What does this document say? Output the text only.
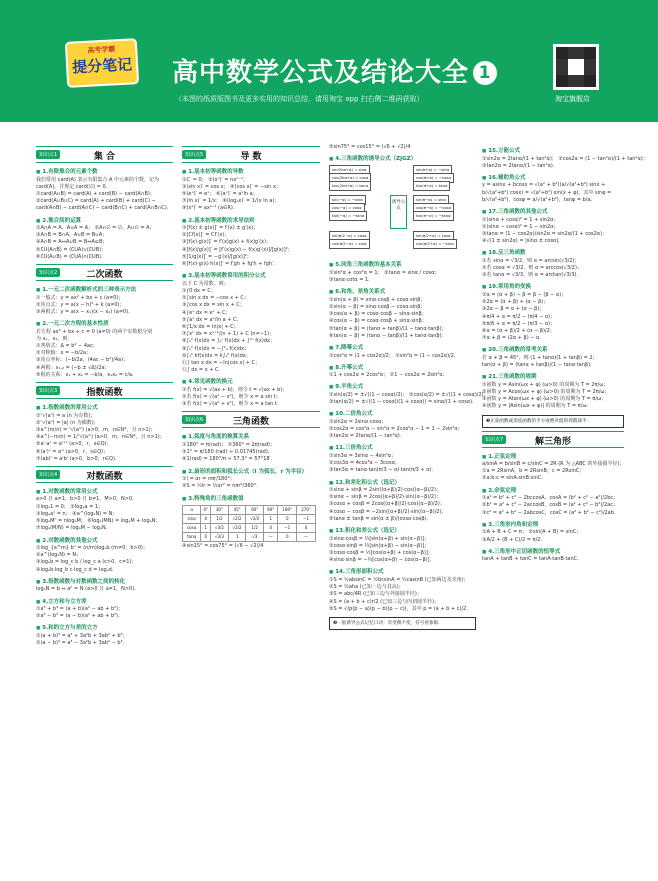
高考学霸
提分笔记 高中数学公式及结论大全 1
（本图的纸质版图书及更多实用的知识总结，请用淘宝 app 扫右侧二维码获取）	淘宝旗舰店
知识点1	集 合
■ 1.有限集合的元素个数
我们常用 card(A) 表示有限集合 A 中元素的个数，记为
card(A)，并规定 card(∅) = 0.
①card(A∪B) = card(A) + card(B) − card(A∩B)；
②card(A∪B∪C) = card(A) + card(B) + card(C) −
card(A∩B) − card(A∩C) − card(B∩C) + card(A∩B∩C).
■ 2.集合间的运算
①A∩A = A，A∪A = A； ②A∩∅ = ∅，A∪∅ = A；
③A∩B = B∩A，A∪B = B∪A；
④A∩B = A⇔A∪B = B⇔A⊆B；
⑤∁U(A∩B) = (∁UA)∪(∁UB)；
⑥∁U(A∪B) = (∁UA)∩(∁UB).
知识点2	二次函数
■ 1.一元二次函数解析式的三种表示方法
①一般式：y = ax² + bx + c (a≠0)；
②顶点式：y = a(x − h)² + k (a≠0)；
③两根式：y = a(x − x₁)(x − x₂) (a≠0).
■ 2.一元二次方程的基本性质
若方程 ax² + bx + c = 0 (a≠0) 的两个实数根分别
为 x₁，x₂，则：
①判别式：Δ = b² − 4ac；
②对称轴：x = −b/2a；
③顶点坐标：(−b/2a，(4ac − b²)/4a)；
④两根：x₁,₂ = (−b ± √Δ)/2a；
⑤根的关系：x₁ + x₂ = −b/a，x₁x₂ = c/a.
知识点3	指数函数
■ 1.指数函数的常用公式
①ⁿ√(aⁿ) = a (n 为奇数)；
②ⁿ√(aⁿ) = |a| (n 为偶数)；
③a^(m/n) = ⁿ√(aᵐ) (a>0，m，n∈N*，且 n>1)；
④a^(−m/n) = 1/ⁿ√(aᵐ) (a>0，m，n∈N*，且 n>1)；
⑤aʳ·aˢ = aʳ⁺ˢ (a>0，r，s∈Q)；
⑥(aʳ)ˢ = aʳˢ (a>0，r，s∈Q)；
⑦(ab)ʳ = aʳbʳ (a>0，b>0，r∈Q).
知识点4	对数函数
■ 1.对数函数的常用公式
a>0 且 a≠1，b>0 且 b≠1，M>0，N>0.
①logₐ1 = 0； ②logₐa = 1；
③logₐaⁿ = n； ④a^(logₐN) = N；
⑤logₐMⁿ = nlogₐM； ⑥logₐ(MN) = logₐM + logₐN；
⑦logₐ(M/N) = logₐM − logₐN.
■ 2.对数函数的其他公式
①log_{a^m} bⁿ = (n/m)logₐb (m≠0，b>0)；
②a^(logₐN) = N；
③logₐb = log_c b / log_c a (c>0，c≠1)；
④logₐb·log_b c·log_c d = logₐd.
■ 3.指数函数与对数函数之间的转化
logₐN = b ⇔ aᵇ = N (a>0 且 a≠1，N>0).
■ 4.立方和与立方差
①a³ + b³ = (a + b)(a² − ab + b²)；
②a³ − b³ = (a − b)(a² + ab + b²).
■ 5.和的立方与差的立方
①(a + b)³ = a³ + 3a²b + 3ab² + b³；
②(a − b)³ = a³ − 3a²b + 3ab² − b³.
知识点5	导 数
■ 1.基本初等函数的导数
①C′ = 0； ②(xⁿ)′ = nxⁿ⁻¹；
③(sin x)′ = cos x； ④(cos x)′ = −sin x；
⑤(eˣ)′ = eˣ； ⑥(aˣ)′ = aˣln a；
⑦(ln x)′ = 1/x； ⑧(logₐx)′ = 1/(x ln a)；
⑨(xᵃ)′ = axᵃ⁻¹ (a∈R).
■ 2.基本初等函数的求导法则
①[f(x) ± g(x)]′ = f′(x) ± g′(x)；
②[Cf(x)]′ = Cf′(x)；
③[f(x)·g(x)]′ = f′(x)g(x) + f(x)g′(x)；
④[f(x)/g(x)]′ = [f′(x)g(x) − f(x)g′(x)]/[g(x)]²；
⑤[1/g(x)]′ = −g′(x)/[g(x)]²；
⑥[f(x)·g(x)·h(x)]′ = f′gh + fg′h + fgh′.
■ 3.基本初等函数常用的积分公式
以下 C 为常数，则：
①∫0 dx = C；
②∫sin x dx = −cos x + C；
③∫cos x dx = sin x + C；
④∫eˣ dx = eˣ + C；
⑤∫aˣ dx = aˣ/ln a + C；
⑥∫1/x dx = ln|x| + C；
⑦∫xⁿ dx = xⁿ⁺¹/(n + 1) + C (n≠−1)；
⑧∫ₐᵇ f(x)dx = ∫ₐᶜ f(x)dx + ∫ᶜᵇ f(x)dx；
⑨∫ₐᵇ f(x)dx = −∫ᵇₐ f(x)dx；
⑩∫ₐᵇ kf(x)dx = k∫ₐᵇ f(x)dx；
⑪∫ tan x dx = −ln|cos x| + C；
⑫∫ dx = x + C.
■ 4.常见函数的换元
①若 f(x) = √(ax + b)，则令 t = √(ax + b)；
②若 f(x) = √(a² − x²)，则令 x = a sin t；
③若 f(x) = √(a² + x²)，则令 x = a tan t.
知识点6	三角函数
■ 1.弧度与角度的换算关系
①180° = π(rad)； ②360° = 2π(rad)；
③1° = π/180 (rad) ≈ 0.01745(rad)；
④1(rad) = 180°/π ≈ 57.3° = 57°18′.
■ 2.扇形的面积和弧长公式（l 为弧长，r 为半径）
①l = αr = nπr/180°；
②S = ½lr = ½αr² = nπr²/360°.
■ 3.特殊角的三角函数值
α	0°	30°	45°	60°	90°	180°	270°
sinα	0	1/2	√2/2	√3/2	1	0	−1
cosα	1	√3/2	√2/2	1/2	0	−1	0
tanα	0	√3/3	1	√3	—	0	—
④sin15° = cos75° = (√6 − √2)/4
⑤sin75° = cos15° = (√6 + √2)/4
■ 4.三角函数的诱导公式（ZJGZ）
sin(2kπ+α) = sinα
cos(2kπ+α) = cosα
tan(2kπ+α) = tanα
sin(−α) = −sinα
cos(−α) = cosα
tan(−α) = −tanα
sin(π/2−α) = cosα
cos(π/2−α) = sinα
sin(π+α) = −sinα
cos(π+α) = −cosα
tan(π+α) = tanα
sin(π−α) = sinα
cos(π−α) = −cosα
tan(π−α) = −tanα
sin(π/2+α) = cosα
cos(π/2+α) = −sinα
诱导公式
■ 5.同角三角函数的基本关系
①sin²α + cos²α = 1； ②tanα = sinα / cosα；
③tanα·cotα = 1.
■ 6.和角、差角关系式
①sin(α + β) = sinα·cosβ + cosα·sinβ；
②sin(α − β) = sinα·cosβ − cosα·sinβ；
③cos(α + β) = cosα·cosβ − sinα·sinβ；
④cos(α − β) = cosα·cosβ + sinα·sinβ；
⑤tan(α + β) = (tanα + tanβ)/(1 − tanα·tanβ)；
⑥tan(α − β) = (tanα − tanβ)/(1 + tanα·tanβ).
■ 7.降幂公式
①cos²α = (1 + cos2α)/2； ②sin²α = (1 − cos2α)/2.
■ 8.升幂公式
①1 + cos2α = 2cos²α； ②1 − cos2α = 2sin²α.
■ 9.半角公式
①sin(α/2) = ±√((1 − cosα)/2)； ②cos(α/2) = ±√((1 + cosα)/2)；
③tan(α/2) = ±√((1 − cosα)/(1 + cosα)) = sinα/(1 + cosα).
■ 10.二倍角公式
①sin2α = 2sinα·cosα；
②cos2α = cos²α − sin²α = 2cos²α − 1 = 1 − 2sin²α；
③tan2α = 2tanα/(1 − tan²α).
■ 11.三倍角公式
①sin3α = 3sinα − 4sin³α；
②cos3α = 4cos³α − 3cosα；
③tan3α = tanα·tan(π/3 − α)·tan(π/3 + α).
■ 12.和差化积公式（选记）
①sinα + sinβ = 2sin((α+β)/2)·cos((α−β)/2)；
②sinα − sinβ = 2cos((α+β)/2)·sin((α−β)/2)；
③cosα + cosβ = 2cos((α+β)/2)·cos((α−β)/2)；
④cosα − cosβ = −2sin((α+β)/2)·sin((α−β)/2)；
⑤tanα ± tanβ = sin(α ± β)/(cosα·cosβ).
■ 13.积化和差公式（选记）
①sinα·cosβ = ½[sin(α+β) + sin(α−β)]；
②cosα·sinβ = ½[sin(α+β) − sin(α−β)]；
③cosα·cosβ = ½[cos(α+β) + cos(α−β)]；
④sinα·sinβ = −½[cos(α+β) − cos(α−β)].
■ 14.三角形面积公式
①S = ½absinC = ½bcsinA = ½casinB (已知两边及夹角)；
②S = ½aha (已知一边与其高)；
③S = abc/4R (已知三边与外接圆半径)；
④S = (a + b + c)r/2 (已知三边与内切圆半径)；
⑤S = √(p(p − a)(p − b)(p − c))，其中 p = (a + b + c)/2.
❸一般诱导公式记忆口诀：奇变偶不变，符号看象限.
■ 15.万能公式
①sin2α = 2tanα/(1 + tan²α)； ②cos2α = (1 − tan²α)/(1 + tan²α)；
③tan2α = 2tanα/(1 − tan²α).
■ 16.辅助角公式
y = asinx + bcosx = √(a² + b²)(a/√(a²+b²) sinx +
b/√(a²+b²) cosx) = √(a²+b²) sin(x + φ)，其中 sinφ =
b/√(a²+b²)，cosφ = a/√(a²+b²)，tanφ = b/a.
■ 17.三角函数的其他公式
①(sinα + cosα)² = 1 + sin2α；
②(sinα − cosα)² = 1 − sin2α；
③tanα = (1 − cos2α)/sin2α = sin2α/(1 + cos2α)；
④√(1 ± sin2α) = |sinα ± cosα|.
■ 18.反三角函数
①若 sinα = √3/2，则 α = arcsin(√3/2)；
②若 cosα = √3/2，则 α = arccos(√3/2)；
③若 tanα = √3/3，则 α = arctan(√3/3).
■ 19.常用角的变换
①α = (α + β) − β = β − (β − α)；
②2α = (α + β) + (α − β)；
③2α − β = α + (α − β)；
④π/4 + α = π/2 − (π/4 − α)；
⑤π/6 + α = π/2 − (π/3 − α)；
⑥α = (α + β)/2 + (α − β)/2；
⑦α + β = (2α + β) − α.
■ 20.三角函数的常考关系
若 α + β = 45°，则 (1 + tanα)(1 + tanβ) = 2；
tan(α + β) = (tanα + tanβ)/(1 − tanα·tanβ).
■ 21.三角函数的周期
①函数 y = Asin(ωx + φ) (ω>0) 的周期为 T = 2π/ω；
②函数 y = Acos(ωx + φ) (ω>0) 的周期为 T = 2π/ω；
③函数 y = Atan(ωx + φ) (ω>0) 的周期为 T = π/ω；
④函数 y = |Asin(ωx + φ)| 的周期为 T = π/ω.
❸正弦函数或余弦函数的平方或绝对值的周期减半.
知识点7	解三角形
■ 1.正弦定理
a/sinA = b/sinB = c/sinC = 2R (R 为 △ABC 的外接圆半径)；
①a = 2RsinA，b = 2RsinB，c = 2RsinC；
②a:b:c = sinA:sinB:sinC.
■ 2.余弦定理
①a² = b² + c² − 2bccosA，cosA = (b² + c² − a²)/2bc；
②b² = a² + c² − 2accosB，cosB = (a² + c² − b²)/2ac；
③c² = a² + b² − 2abcosC，cosC = (a² + b² − c²)/2ab.
■ 3.三角形内角和定理
①A + B + C = π； ②sin(A + B) = sinC；
③A/2 + (B + C)/2 = π/2.
■ 4.三角形中正切函数的恒等式
tanA + tanB + tanC = tanA·tanB·tanC.
